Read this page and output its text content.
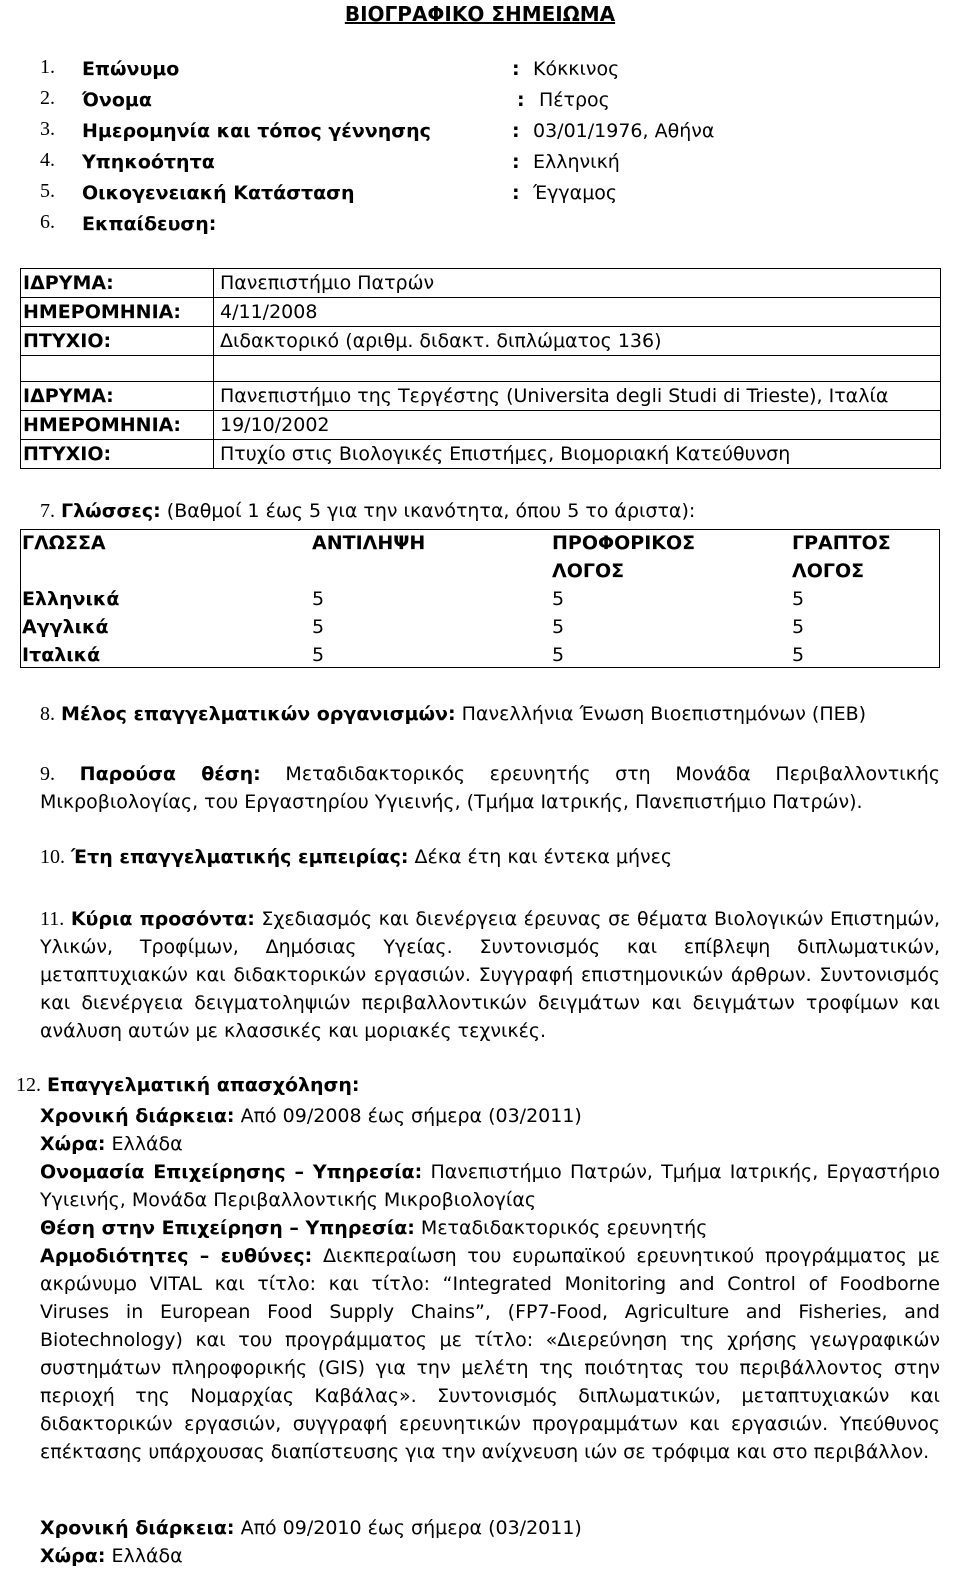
ΒΙΟΓΡΑΦΙΚΟ ΣΗΜΕΙΩΜΑ
1. Επώνυμο	: Κόκκινος
2. Όνομα	: Πέτρος
3. Ημερομηνία και τόπος γέννησης	: 03/01/1976, Αθήνα
4. Υπηκοότητα	: Ελληνική
5. Οικογενειακή Κατάσταση	: Έγγαμος
6. Εκπαίδευση:
ΙΔΡΥΜΑ:	Πανεπιστήμιο Πατρών
ΗΜΕΡΟΜΗΝΙΑ:	4/11/2008
ΠΤΥΧΙΟ:	Διδακτορικό (αριθμ. διδακτ. διπλώματος 136)

ΙΔΡΥΜΑ:	Πανεπιστήμιο της Τεργέστης (Universita degli Studi di Trieste), Ιταλία
ΗΜΕΡΟΜΗΝΙΑ:	19/10/2002
ΠΤΥΧΙΟ:	Πτυχίο στις Βιολογικές Επιστήμες, Βιομοριακή Κατεύθυνση
7. Γλώσσες: (Βαθμοί 1 έως 5 για την ικανότητα, όπου 5 το άριστα):
ΓΛΩΣΣΑ	ΑΝΤΙΛΗΨΗ	ΠΡΟΦΟΡΙΚΟΣ ΛΟΓΟΣ	ΓΡΑΠΤΟΣ ΛΟΓΟΣ

Ελληνικά	5	5	5
Αγγλικά	5	5	5
Ιταλικά	5	5	5
8. Μέλος επαγγελματικών οργανισμών: Πανελλήνια Ένωση Βιοεπιστημόνων (ΠΕΒ)
9. Παρούσα θέση: Μεταδιδακτορικός ερευνητής στη Μονάδα Περιβαλλοντικής Μικροβιολογίας, του Εργαστηρίου Υγιεινής, (Τμήμα Ιατρικής, Πανεπιστήμιο Πατρών).
10. Έτη επαγγελματικής εμπειρίας: Δέκα έτη και έντεκα μήνες
11. Κύρια προσόντα: Σχεδιασμός και διενέργεια έρευνας σε θέματα Βιολογικών Επιστημών, Υλικών, Τροφίμων, Δημόσιας Υγείας. Συντονισμός και επίβλεψη διπλωματικών, μεταπτυχιακών και διδακτορικών εργασιών. Συγγραφή επιστημονικών άρθρων. Συντονισμός και διενέργεια δειγματοληψιών περιβαλλοντικών δειγμάτων και δειγμάτων τροφίμων και ανάλυση αυτών με κλασσικές και μοριακές τεχνικές.
12. Επαγγελματική απασχόληση:
Χρονική διάρκεια: Από 09/2008 έως σήμερα (03/2011)
Χώρα: Ελλάδα
Ονομασία Επιχείρησης – Υπηρεσία: Πανεπιστήμιο Πατρών, Τμήμα Ιατρικής, Εργαστήριο Υγιεινής, Μονάδα Περιβαλλοντικής Μικροβιολογίας
Θέση στην Επιχείρηση – Υπηρεσία: Μεταδιδακτορικός ερευνητής
Αρμοδιότητες – ευθύνες: Διεκπεραίωση του ευρωπαϊκού ερευνητικού προγράμματος με ακρώνυμο VITAL και τίτλο: και τίτλο: “Integrated Monitoring and Control of Foodborne Viruses in European Food Supply Chains”, (FP7-Food, Agriculture and Fisheries, and Biotechnology) και του προγράμματος με τίτλο: «Διερεύνηση της χρήσης γεωγραφικών συστημάτων πληροφορικής (GIS) για την μελέτη της ποιότητας του περιβάλλοντος στην περιοχή της Νομαρχίας Καβάλας». Συντονισμός διπλωματικών, μεταπτυχιακών και διδακτορικών εργασιών, συγγραφή ερευνητικών προγραμμάτων και εργασιών. Υπεύθυνος επέκτασης υπάρχουσας διαπίστευσης για την ανίχνευση ιών σε τρόφιμα και στο περιβάλλον.
Χρονική διάρκεια: Από 09/2010 έως σήμερα (03/2011)
Χώρα: Ελλάδα
